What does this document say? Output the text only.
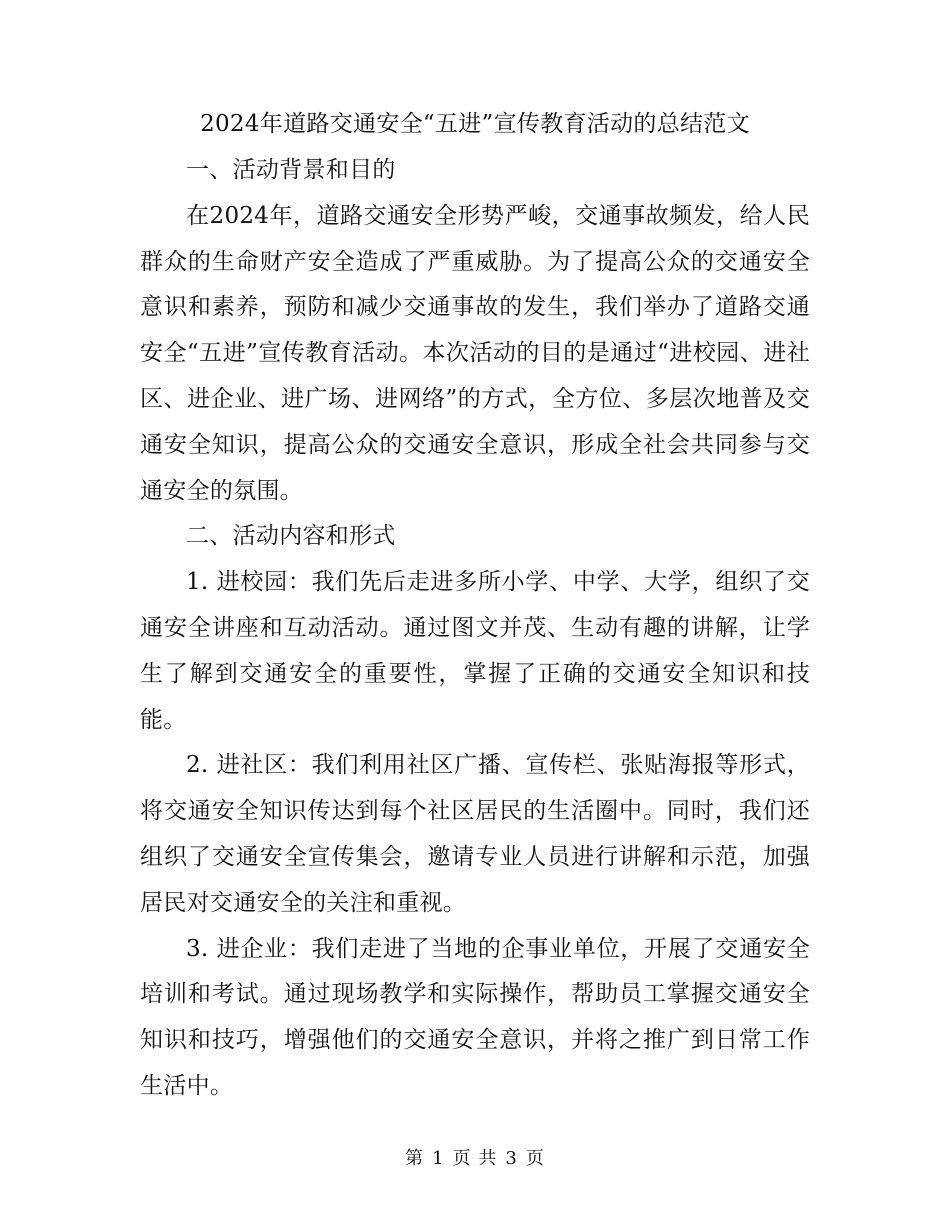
2024年道路交通安全“五进”宣传教育活动的总结范文

一、活动背景和目的

在2024年，道路交通安全形势严峻，交通事故频发，给人民群众的生命财产安全造成了严重威胁。为了提高公众的交通安全意识和素养，预防和减少交通事故的发生，我们举办了道路交通安全“五进”宣传教育活动。本次活动的目的是通过“进校园、进社区、进企业、进广场、进网络”的方式，全方位、多层次地普及交通安全知识，提高公众的交通安全意识，形成全社会共同参与交通安全的氛围。

二、活动内容和形式

1. 进校园：我们先后走进多所小学、中学、大学，组织了交通安全讲座和互动活动。通过图文并茂、生动有趣的讲解，让学生了解到交通安全的重要性，掌握了正确的交通安全知识和技能。

2. 进社区：我们利用社区广播、宣传栏、张贴海报等形式，将交通安全知识传达到每个社区居民的生活圈中。同时，我们还组织了交通安全宣传集会，邀请专业人员进行讲解和示范，加强居民对交通安全的关注和重视。

3. 进企业：我们走进了当地的企事业单位，开展了交通安全培训和考试。通过现场教学和实际操作，帮助员工掌握交通安全知识和技巧，增强他们的交通安全意识，并将之推广到日常工作生活中。

第 1 页 共 3 页
